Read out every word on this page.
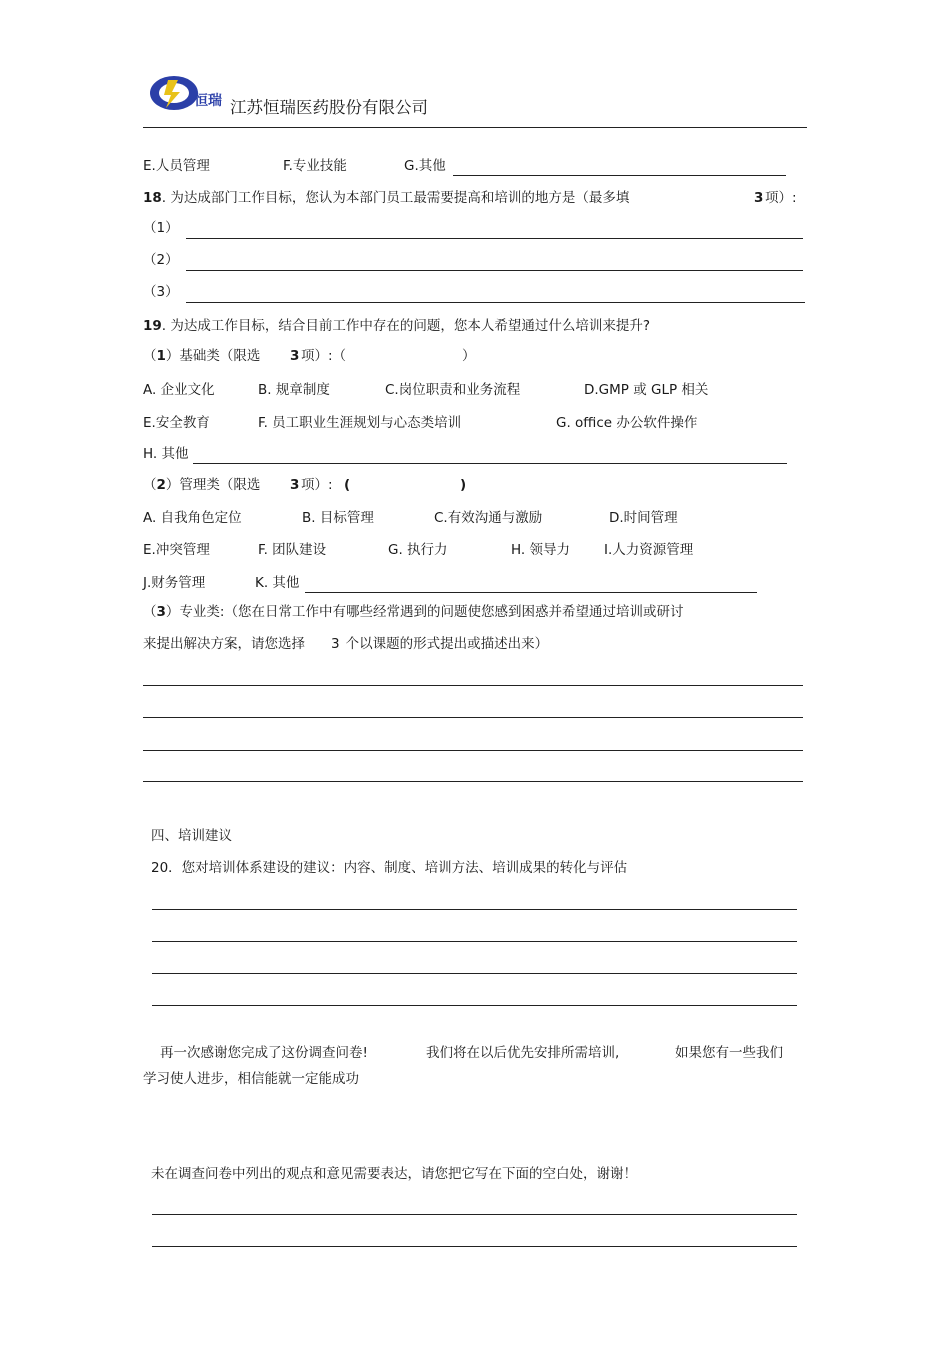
恒瑞 江苏恒瑞医药股份有限公司
E.人员管理	F.专业技能	G.其他
18. 为达成部门工作目标，您认为本部门员工最需要提高和培训的地方是（最多填	3 项）:
（1）
（2）
（3）
19. 为达成工作目标，结合目前工作中存在的问题，您本人希望通过什么培训来提升?
（1）基础类（限选 3 项）:（	）
A. 企业文化	B. 规章制度	C.岗位职责和业务流程	D.GMP 或 GLP 相关
E.安全教育	F. 员工职业生涯规划与心态类培训	G. office 办公软件操作
H. 其他
（2）管理类（限选 3 项）: (	)
A. 自我角色定位	B. 目标管理	C.有效沟通与激励	D.时间管理
E.冲突管理	F. 团队建设	G. 执行力	H. 领导力	I.人力资源管理
J.财务管理	K. 其他
（3）专业类:（您在日常工作中有哪些经常遇到的问题使您感到困惑并希望通过培训或研讨
来提出解决方案，请您选择 3 个以课题的形式提出或描述出来）
四、培训建议
20．您对培训体系建设的建议：内容、制度、培训方法、培训成果的转化与评估
再一次感谢您完成了这份调查问卷!	我们将在以后优先安排所需培训,	如果您有一些我们
学习使人进步，相信能就一定能成功
未在调查问卷中列出的观点和意见需要表达，请您把它写在下面的空白处，谢谢！
